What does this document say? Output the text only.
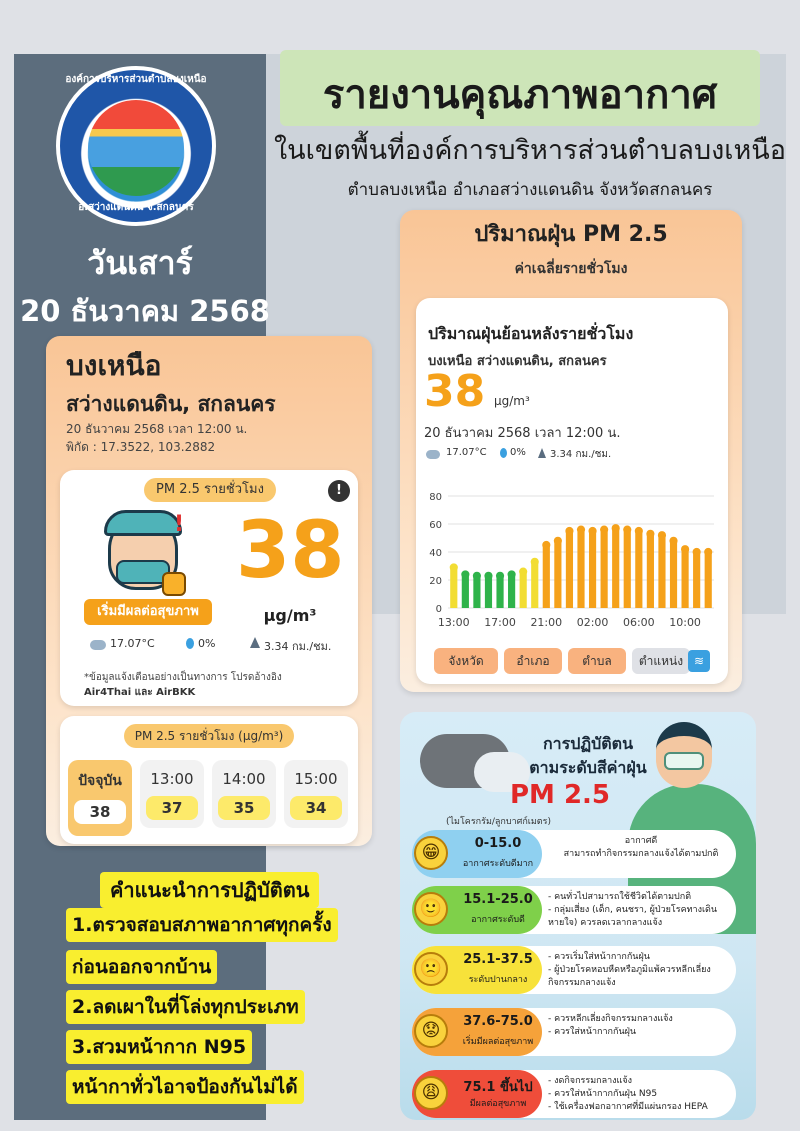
องค์การบริหารส่วนตำบลบงเหนือ
อ.สว่างแดนดิน จ.สกลนคร
วันเสาร์
20 ธันวาคม 2568
รายงานคุณภาพอากาศ
ในเขตพื้นที่องค์การบริหารส่วนตำบลบงเหนือ
ตำบลบงเหนือ อำเภอสว่างแดนดิน จังหวัดสกลนคร
บงเหนือ
สว่างแดนดิน, สกลนคร
20 ธันวาคม 2568 เวลา 12:00 น.
พิกัด : 17.3522, 103.2882
PM 2.5 รายชั่วโมง	!
!
เริ่มมีผลต่อสุขภาพ
38
µg/m³
17.07°C	0%	3.34 กม./ชม.
*ข้อมูลแจ้งเตือนอย่างเป็นทางการ โปรดอ้างอิง
Air4Thai และ AirBKK
PM 2.5 รายชั่วโมง (µg/m³)
ปัจจุบัน
38
13:00
37
14:00
35
15:00
34
คำแนะนำการปฏิบัติตน
1.ตรวจสอบสภาพอากาศทุกครั้ง
ก่อนออกจากบ้าน
2.ลดเผาในที่โล่งทุกประเภท
3.สวมหน้ากาก N95
หน้ากาทั่วไอาจป้องกันไม่ได้
ปริมาณฝุ่น PM 2.5
ค่าเฉลี่ยรายชั่วโมง
ปริมาณฝุ่นย้อนหลังรายชั่วโมง
บงเหนือ สว่างแดนดิน, สกลนคร
38 µg/m³
20 ธันวาคม 2568 เวลา 12:00 น.
17.07°C 0% 3.34 กม./ชม.
0
20
40
60
80
13:00 17:00 21:00 02:00 06:00 10:00
จังหวัด	อำเภอ	ตำบล	ตำแหน่ง ≋
การปฏิบัติตน
ตามระดับสีค่าฝุ่น
PM 2.5
(ไมโครกรัม/ลูกบาศก์เมตร)
😁	0-15.0
อากาศระดับดีมาก
อากาศดี
สามารถทำกิจกรรมกลางแจ้งได้ตามปกติ
🙂	15.1-25.0
อากาศระดับดี
- คนทั่วไปสามารถใช้ชีวิตได้ตามปกติ
- กลุ่มเสี่ยง (เด็ก, คนชรา, ผู้ป่วยโรคทางเดินหายใจ) ควรลดเวลากลางแจ้ง
🙁	25.1-37.5
ระดับปานกลาง
- ควรเริ่มใส่หน้ากากกันฝุ่น
- ผู้ป่วยโรคหอบหืดหรือภูมิแพ้ควรหลีกเลี่ยงกิจกรรมกลางแจ้ง
😟	37.6-75.0
เริ่มมีผลต่อสุขภาพ
- ควรหลีกเลี่ยงกิจกรรมกลางแจ้ง
- ควรใส่หน้ากากกันฝุ่น
😩	75.1 ขึ้นไป
มีผลต่อสุขภาพ
- งดกิจกรรมกลางแจ้ง
- ควรใส่หน้ากากกันฝุ่น N95
- ใช้เครื่องฟอกอากาศที่มีแผ่นกรอง HEPA
